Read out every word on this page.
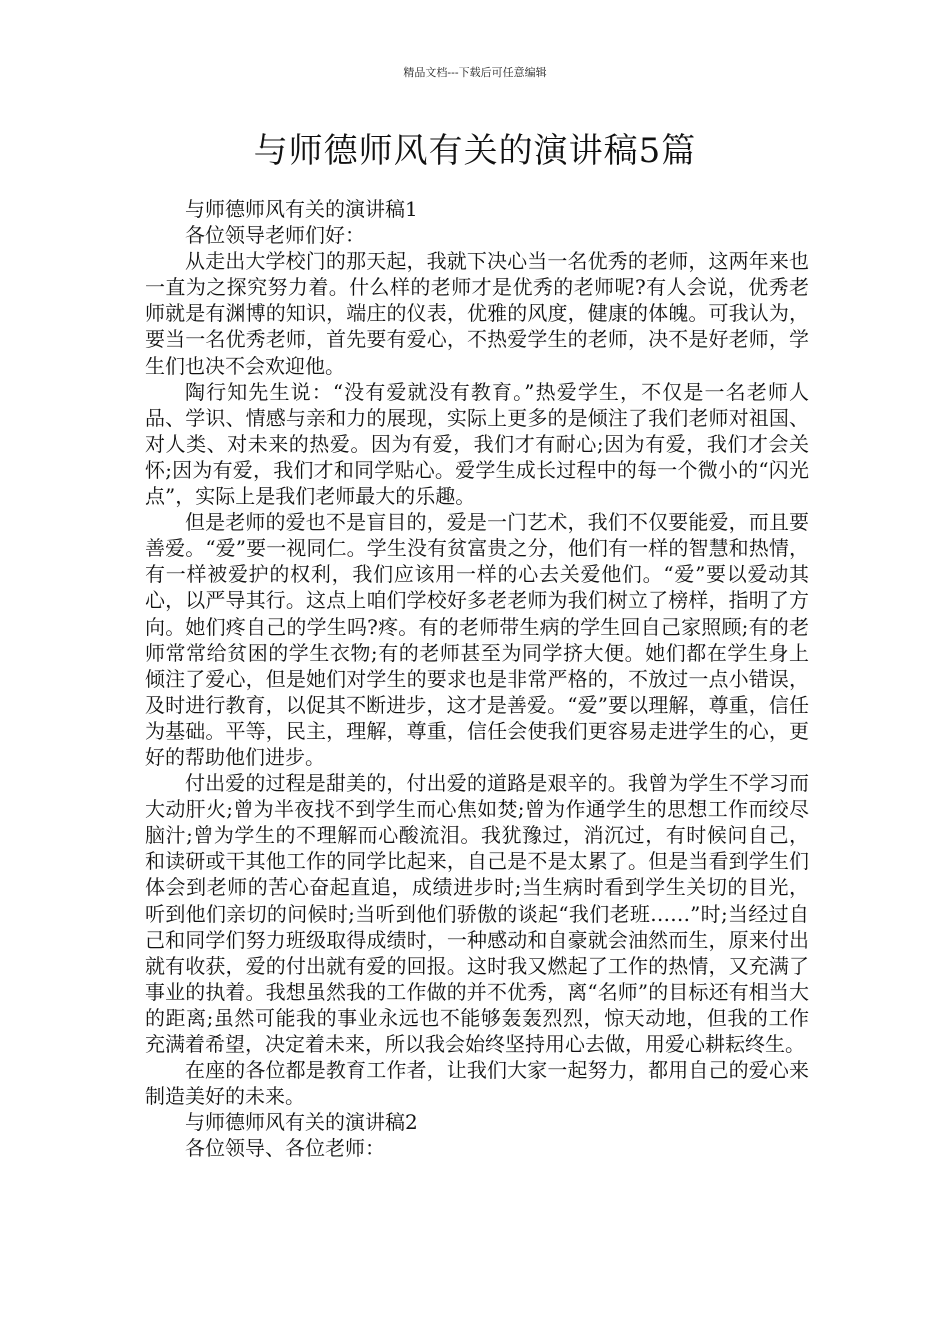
精品文档---下载后可任意编辑
与师德师风有关的演讲稿5篇

与师德师风有关的演讲稿1

各位领导老师们好：

从走出大学校门的那天起，我就下决心当一名优秀的老师，这两年来也一直为之探究努力着。什么样的老师才是优秀的老师呢?有人会说，优秀老师就是有渊博的知识，端庄的仪表，优雅的风度，健康的体魄。可我认为，要当一名优秀老师，首先要有爱心，不热爱学生的老师，决不是好老师，学生们也决不会欢迎他。

陶行知先生说：“没有爱就没有教育。”热爱学生，不仅是一名老师人品、学识、情感与亲和力的展现，实际上更多的是倾注了我们老师对祖国、对人类、对未来的热爱。因为有爱，我们才有耐心;因为有爱，我们才会关怀;因为有爱，我们才和同学贴心。爱学生成长过程中的每一个微小的“闪光点”，实际上是我们老师最大的乐趣。

但是老师的爱也不是盲目的，爱是一门艺术，我们不仅要能爱，而且要善爱。“爱”要一视同仁。学生没有贫富贵之分，他们有一样的智慧和热情，有一样被爱护的权利，我们应该用一样的心去关爱他们。“爱”要以爱动其心，以严导其行。这点上咱们学校好多老老师为我们树立了榜样，指明了方向。她们疼自己的学生吗?疼。有的老师带生病的学生回自己家照顾;有的老师常常给贫困的学生衣物;有的老师甚至为同学挤大便。她们都在学生身上倾注了爱心，但是她们对学生的要求也是非常严格的，不放过一点小错误，及时进行教育，以促其不断进步，这才是善爱。“爱”要以理解，尊重，信任为基础。平等，民主，理解，尊重，信任会使我们更容易走进学生的心，更好的帮助他们进步。

付出爱的过程是甜美的，付出爱的道路是艰辛的。我曾为学生不学习而大动肝火;曾为半夜找不到学生而心焦如焚;曾为作通学生的思想工作而绞尽脑汁;曾为学生的不理解而心酸流泪。我犹豫过，消沉过，有时候问自己，和读研或干其他工作的同学比起来，自己是不是太累了。但是当看到学生们体会到老师的苦心奋起直追，成绩进步时;当生病时看到学生关切的目光，听到他们亲切的问候时;当听到他们骄傲的谈起“我们老班……”时;当经过自己和同学们努力班级取得成绩时，一种感动和自豪就会油然而生，原来付出就有收获，爱的付出就有爱的回报。这时我又燃起了工作的热情，又充满了事业的执着。我想虽然我的工作做的并不优秀，离“名师”的目标还有相当大的距离;虽然可能我的事业永远也不能够轰轰烈烈，惊天动地，但我的工作充满着希望，决定着未来，所以我会始终坚持用心去做，用爱心耕耘终生。

在座的各位都是教育工作者，让我们大家一起努力，都用自己的爱心来制造美好的未来。

与师德师风有关的演讲稿2

各位领导、各位老师：
